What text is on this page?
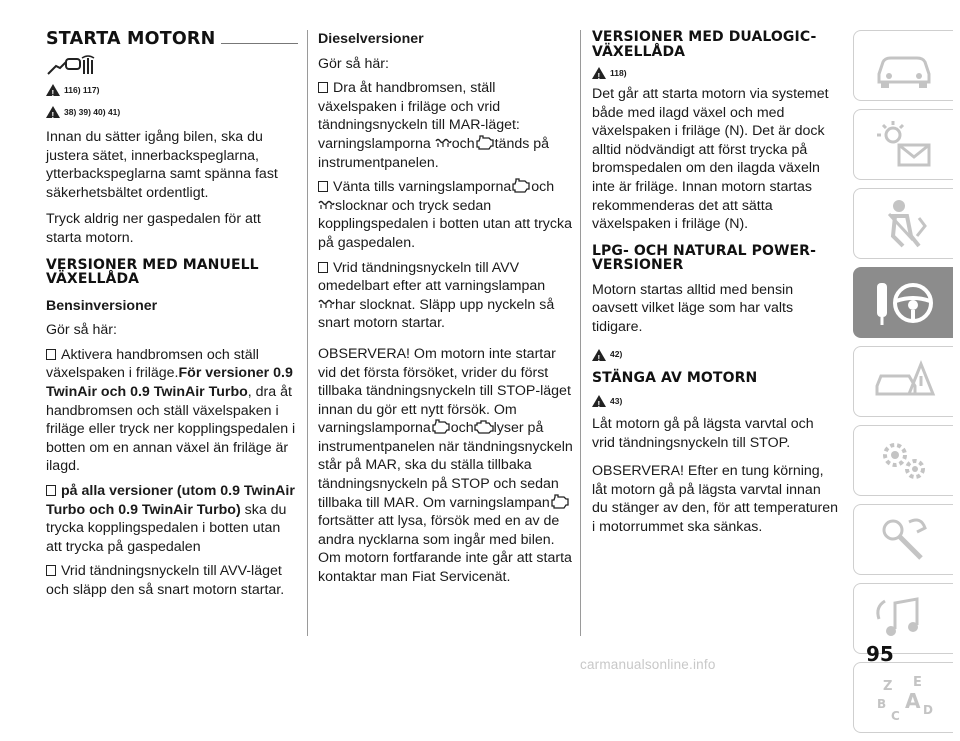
STARTA MOTORN
!
116) 117)
!
38) 39) 40) 41)

Innan du sätter igång bilen, ska du justera sätet, innerbackspeglarna, ytterbackspeglarna samt spänna fast säkerhetsbältet ordentligt.

Tryck aldrig ner gaspedalen för att starta motorn.

VERSIONER MED MANUELL VÄXELLÅDA
Bensinversioner

Gör så här:

Aktivera handbromsen och ställ växelspaken i friläge.För versioner 0.9 TwinAir och 0.9 TwinAir Turbo, dra åt handbromsen och ställ växelspaken i friläge eller tryck ner kopplingspedalen i botten om en annan växel än friläge är ilagd.

på alla versioner (utom 0.9 TwinAir Turbo och 0.9 TwinAir Turbo) ska du trycka kopplingspedalen i botten utan att trycka på gaspedalen

Vrid tändningsnyckeln till AVV-läget och släpp den så snart motorn startar.

Dieselversioner

Gör så här:

Dra åt handbromsen, ställ växelspaken i friläge och vrid tändningsnyckeln till MAR-läget: varningslamporna och tänds på instrumentpanelen.

Vänta tills varningslamporna och
slocknar och tryck sedan kopplingspedalen i botten utan att trycka på gaspedalen.

Vrid tändningsnyckeln till AVV omedelbart efter att varningslampan
har slocknat. Släpp upp nyckeln så snart motorn startar.

OBSERVERA! Om motorn inte startar vid det första försöket, vrider du först tillbaka tändningsnyckeln till STOP-läget innan du gör ett nytt försök. Om varningslamporna och lyser på instrumentpanelen när tändningsnyckeln står på MAR, ska du ställa tillbaka tändningsnyckeln på STOP och sedan tillbaka till MAR. Om varningslampanfortsätter att lysa, försök med en av de andra nycklarna som ingår med bilen. Om motorn fortfarande inte går att starta kontaktar man Fiat Servicenät.

VERSIONER MED DUALOGIC-VÄXELLÅDA
!
118)

Det går att starta motorn via systemet både med ilagd växel och med växelspaken i friläge (N). Det är dock alltid nödvändigt att först trycka på bromspedalen om den ilagda växeln inte är friläge. Innan motorn startas rekommenderas det att sätta växelspaken i friläge (N).

LPG- OCH NATURAL POWER-VERSIONER

Motorn startas alltid med bensin oavsett vilket läge som har valts tidigare.

!
42)
STÄNGA AV MOTORN
!
43)

Låt motorn gå på lägsta varvtal och vrid tändningsnyckeln till STOP.

OBSERVERA! Efter en tung körning, låt motorn gå på lägsta varvtal innan du stänger av den, för att temperaturen i motorrummet ska sänkas.

Z E
B A
C D
95
carmanualsonline.info
